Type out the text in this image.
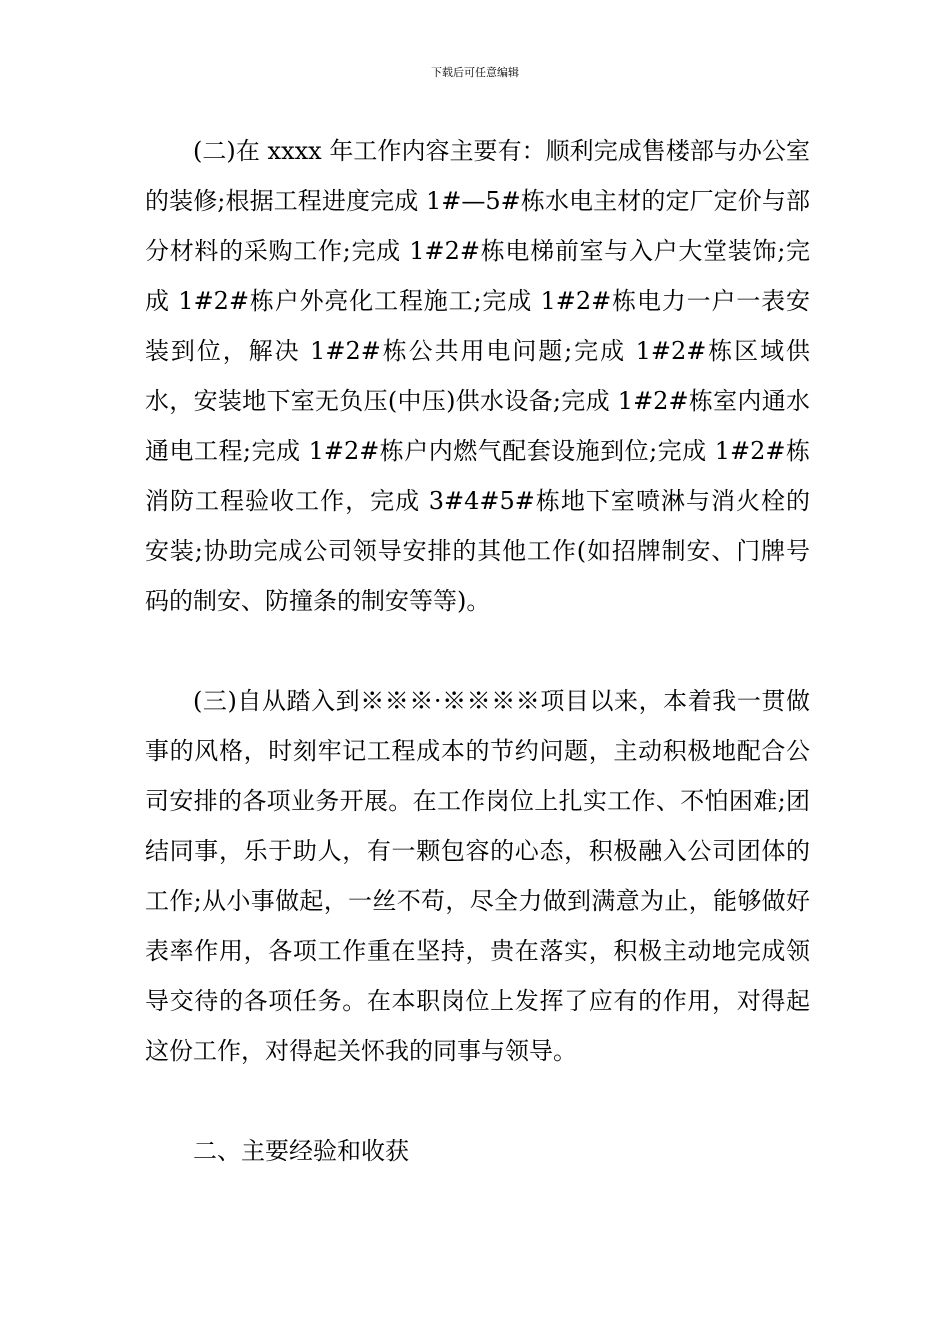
下载后可任意编辑

(二)在 xxxx 年工作内容主要有：顺利完成售楼部与办公室的装修;根据工程进度完成 1#—5#栋水电主材的定厂定价与部分材料的采购工作;完成 1#2#栋电梯前室与入户大堂装饰;完成 1#2#栋户外亮化工程施工;完成 1#2#栋电力一户一表安装到位，解决 1#2#栋公共用电问题;完成 1#2#栋区域供水，安装地下室无负压(中压)供水设备;完成 1#2#栋室内通水通电工程;完成 1#2#栋户内燃气配套设施到位;完成 1#2#栋消防工程验收工作，完成 3#4#5#栋地下室喷淋与消火栓的安装;协助完成公司领导安排的其他工作(如招牌制安、门牌号码的制安、防撞条的制安等等)。

(三)自从踏入到※※※·※※※※项目以来，本着我一贯做事的风格，时刻牢记工程成本的节约问题，主动积极地配合公司安排的各项业务开展。在工作岗位上扎实工作、不怕困难;团结同事，乐于助人，有一颗包容的心态，积极融入公司团体的工作;从小事做起，一丝不苟，尽全力做到满意为止，能够做好表率作用，各项工作重在坚持，贵在落实，积极主动地完成领导交待的各项任务。在本职岗位上发挥了应有的作用，对得起这份工作，对得起关怀我的同事与领导。

二、主要经验和收获
